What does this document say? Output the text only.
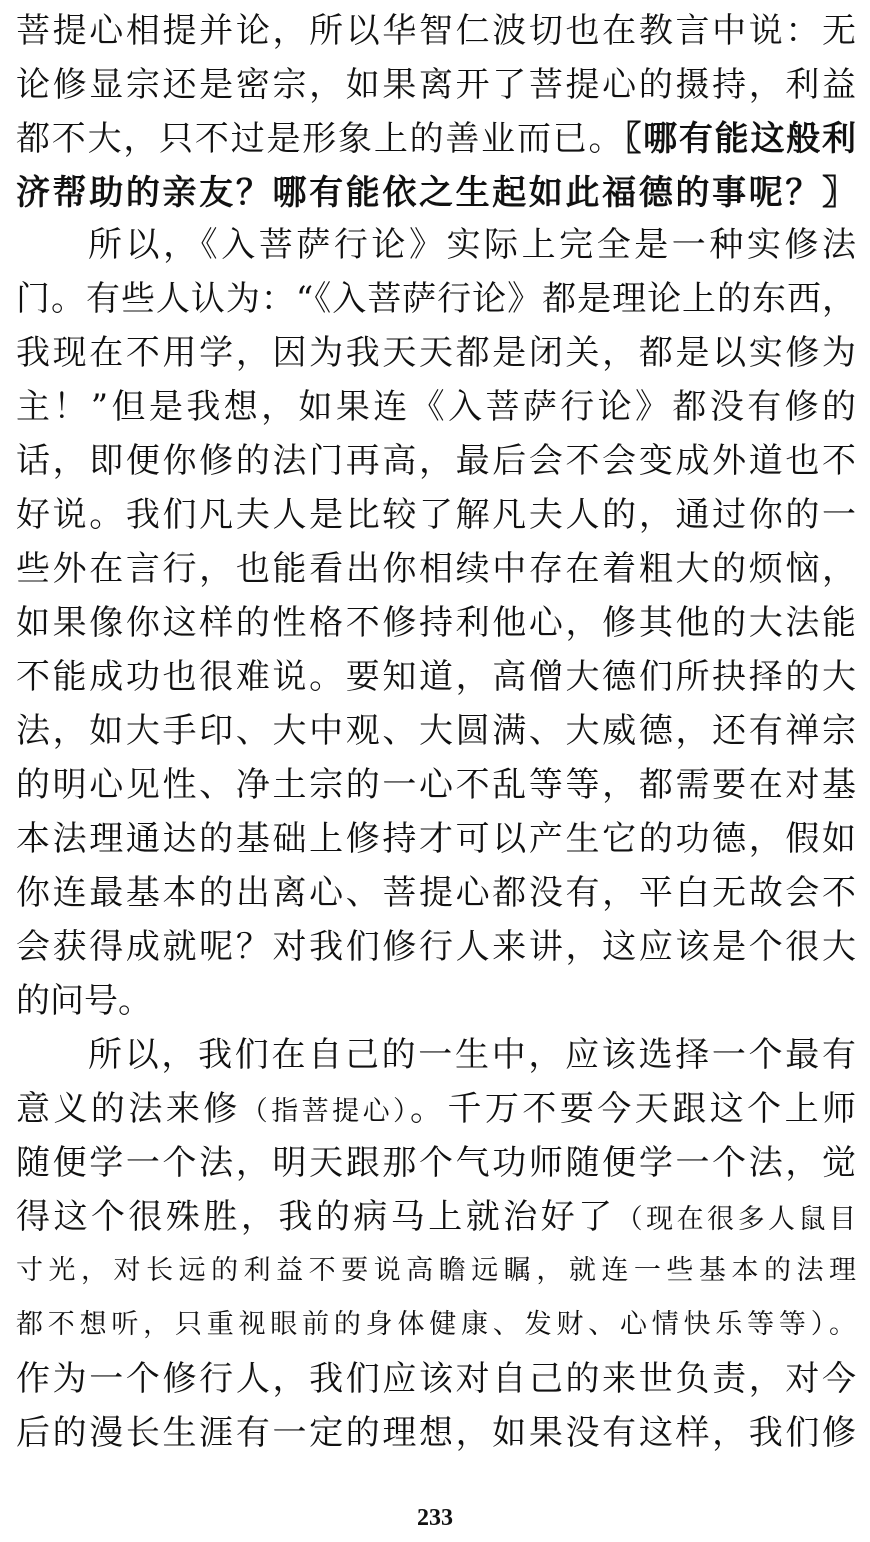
菩提心相提并论，所以华智仁波切也在教言中说：无
论修显宗还是密宗，如果离开了菩提心的摄持，利益
都不大，只不过是形象上的善业而已。〖哪有能这般利
济帮助的亲友？哪有能依之生起如此福德的事呢？〗
所以，《入菩萨行论》实际上完全是一种实修法
门。有些人认为：“《入菩萨行论》都是理论上的东西，
我现在不用学，因为我天天都是闭关，都是以实修为
主！”但是我想，如果连《入菩萨行论》都没有修的
话，即便你修的法门再高，最后会不会变成外道也不
好说。我们凡夫人是比较了解凡夫人的，通过你的一
些外在言行，也能看出你相续中存在着粗大的烦恼，
如果像你这样的性格不修持利他心，修其他的大法能
不能成功也很难说。要知道，高僧大德们所抉择的大
法，如大手印、大中观、大圆满、大威德，还有禅宗
的明心见性、净土宗的一心不乱等等，都需要在对基
本法理通达的基础上修持才可以产生它的功德，假如
你连最基本的出离心、菩提心都没有，平白无故会不
会获得成就呢？对我们修行人来讲，这应该是个很大
的问号。
所以，我们在自己的一生中，应该选择一个最有
意义的法来修（指菩提心）。千万不要今天跟这个上师
随便学一个法，明天跟那个气功师随便学一个法，觉
得这个很殊胜，我的病马上就治好了（现在很多人鼠目
寸光，对长远的利益不要说高瞻远瞩，就连一些基本的法理
都不想听，只重视眼前的身体健康、发财、心情快乐等等）。
作为一个修行人，我们应该对自己的来世负责，对今
后的漫长生涯有一定的理想，如果没有这样，我们修
233
